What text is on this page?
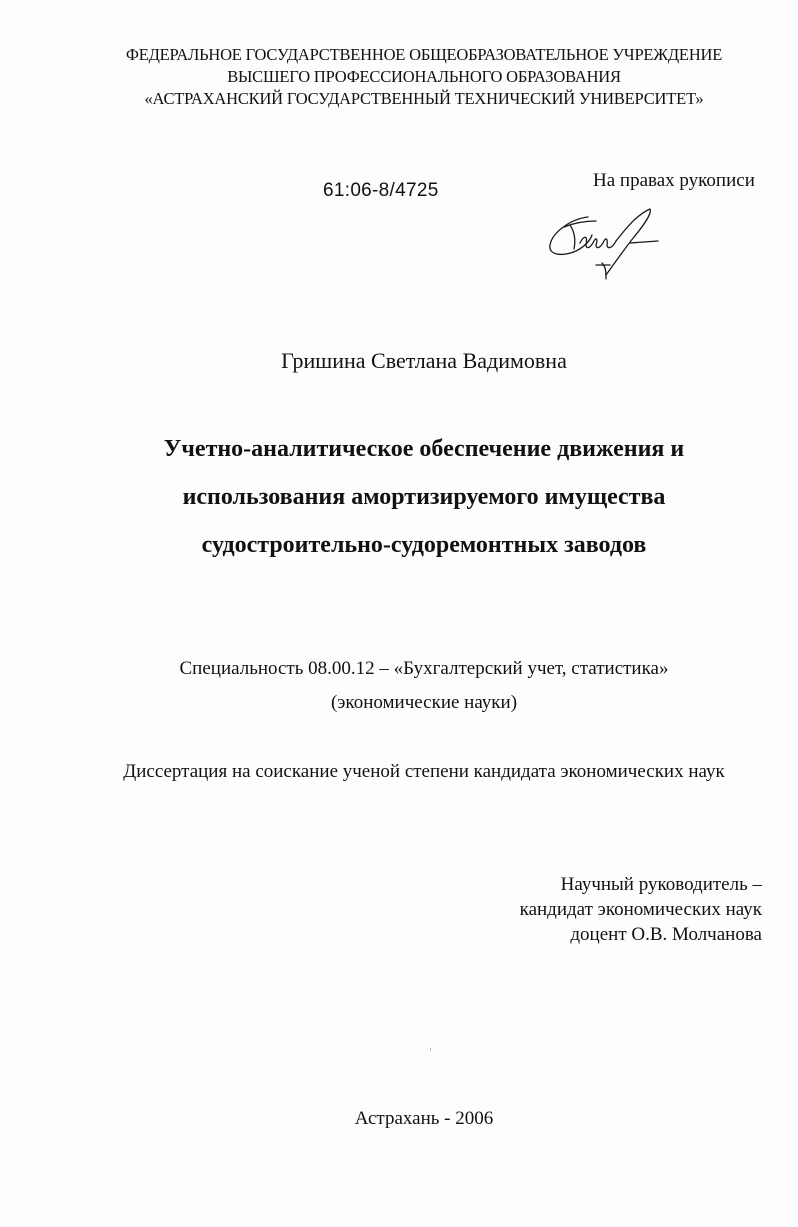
ФЕДЕРАЛЬНОЕ ГОСУДАРСТВЕННОЕ ОБЩЕОБРАЗОВАТЕЛЬНОЕ УЧРЕЖДЕНИЕ
ВЫСШЕГО ПРОФЕССИОНАЛЬНОГО ОБРАЗОВАНИЯ
«АСТРАХАНСКИЙ ГОСУДАРСТВЕННЫЙ ТЕХНИЧЕСКИЙ УНИВЕРСИТЕТ»
61:06-8/4725	На правах рукописи
Гришина Светлана Вадимовна
Учетно-аналитическое обеспечение движения и
использования амортизируемого имущества
судостроительно-судоремонтных заводов
Специальность 08.00.12 – «Бухгалтерский учет, статистика»
(экономические науки)
Диссертация на соискание ученой степени кандидата экономических наук
Научный руководитель –
кандидат экономических наук
доцент О.В. Молчанова
Астрахань - 2006
